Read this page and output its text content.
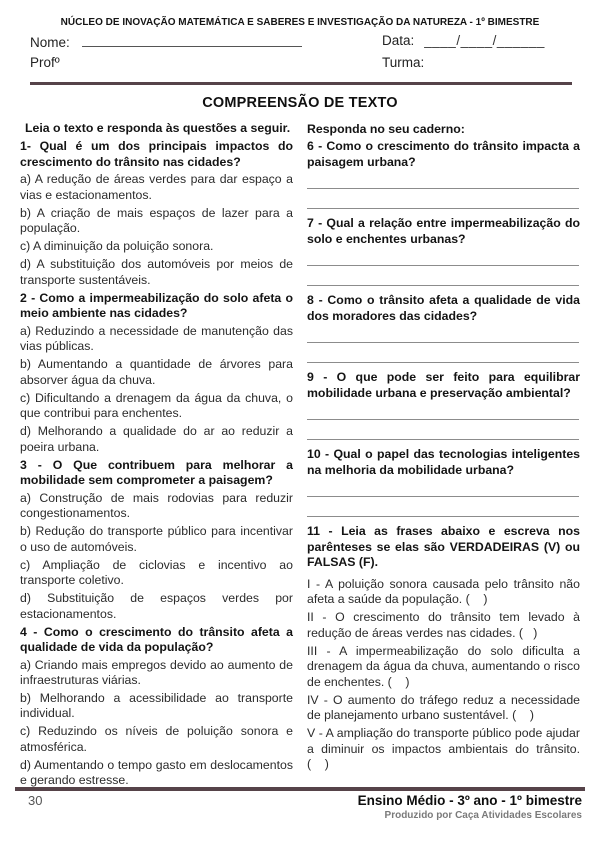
NÚCLEO DE INOVAÇÃO MATEMÁTICA E SABERES E INVESTIGAÇÃO DA NATUREZA - 1º BIMESTRE
Nome:
Profº
Data: ____/____/______
Turma:
COMPREENSÃO DE TEXTO

Leia o texto e responda às questões a seguir.

1- Qual é um dos principais impactos do crescimento do trânsito nas cidades?

a) A redução de áreas verdes para dar espaço a vias e estacionamentos.

b) A criação de mais espaços de lazer para a população.

c) A diminuição da poluição sonora.

d) A substituição dos automóveis por meios de transporte sustentáveis.

2 - Como a impermeabilização do solo afeta o meio ambiente nas cidades?

a) Reduzindo a necessidade de manutenção das vias públicas.

b) Aumentando a quantidade de árvores para absorver água da chuva.

c) Dificultando a drenagem da água da chuva, o que contribui para enchentes.

d) Melhorando a qualidade do ar ao reduzir a poeira urbana.

3 - O Que contribuem para melhorar a mobilidade sem comprometer a paisagem?

a) Construção de mais rodovias para reduzir congestionamentos.

b) Redução do transporte público para incentivar o uso de automóveis.

c) Ampliação de ciclovias e incentivo ao transporte coletivo.

d) Substituição de espaços verdes por estacionamentos.

4 - Como o crescimento do trânsito afeta a qualidade de vida da população?

a) Criando mais empregos devido ao aumento de infraestruturas viárias.

b) Melhorando a acessibilidade ao transporte individual.

c) Reduzindo os níveis de poluição sonora e atmosférica.

d) Aumentando o tempo gasto em deslocamentos e gerando estresse.

Responda no seu caderno:

6 - Como o crescimento do trânsito impacta a paisagem urbana?

7 - Qual a relação entre impermeabilização do solo e enchentes urbanas?

8 - Como o trânsito afeta a qualidade de vida dos moradores das cidades?

9 - O que pode ser feito para equilibrar mobilidade urbana e preservação ambiental?

10 - Qual o papel das tecnologias inteligentes na melhoria da mobilidade urbana?

11 - Leia as frases abaixo e escreva nos parênteses se elas são VERDADEIRAS (V) ou FALSAS (F).

I - A poluição sonora causada pelo trânsito não afeta a saúde da população. (    )

II - O crescimento do trânsito tem levado à redução de áreas verdes nas cidades. (   )

III - A impermeabilização do solo dificulta a drenagem da água da chuva, aumentando o risco de enchentes. (    )

IV - O aumento do tráfego reduz a necessidade de planejamento urbano sustentável. (    )

V - A ampliação do transporte público pode ajudar a diminuir os impactos ambientais do trânsito. (    )

30	Ensino Médio - 3º ano - 1º bimestre
Produzido por Caça Atividades Escolares
